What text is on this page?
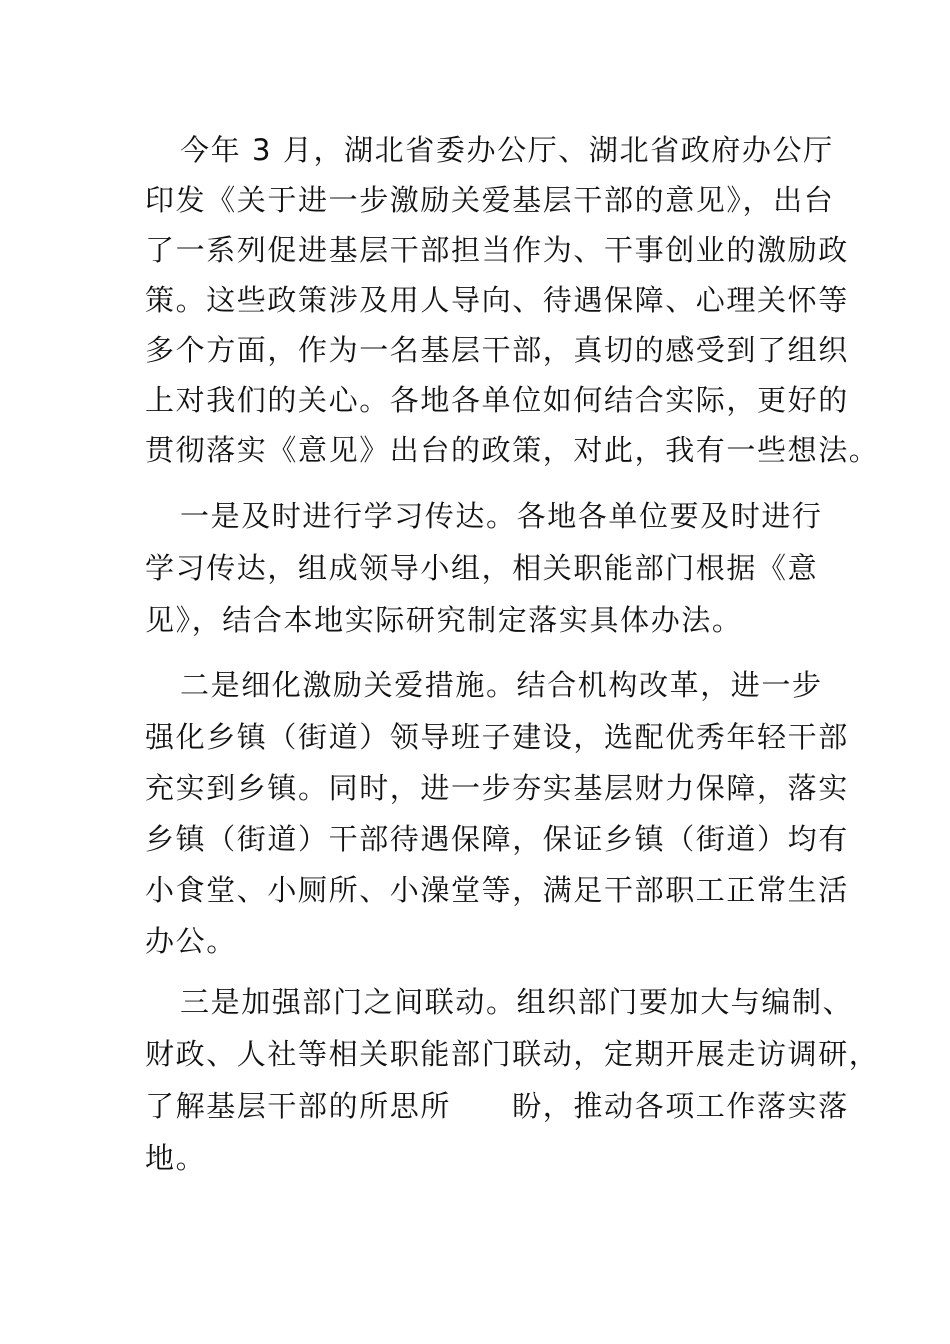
今年 3 月，湖北省委办公厅、湖北省政府办公厅
印发《关于进一步激励关爱基层干部的意见》，出台
了一系列促进基层干部担当作为、干事创业的激励政
策。这些政策涉及用人导向、待遇保障、心理关怀等
多个方面，作为一名基层干部，真切的感受到了组织
上对我们的关心。各地各单位如何结合实际，更好的
贯彻落实《意见》出台的政策，对此，我有一些想法。
一是及时进行学习传达。各地各单位要及时进行
学习传达，组成领导小组，相关职能部门根据《意
见》，结合本地实际研究制定落实具体办法。
二是细化激励关爱措施。结合机构改革，进一步
强化乡镇（街道）领导班子建设，选配优秀年轻干部
充实到乡镇。同时，进一步夯实基层财力保障，落实
乡镇（街道）干部待遇保障，保证乡镇（街道）均有
小食堂、小厕所、小澡堂等，满足干部职工正常生活
办公。
三是加强部门之间联动。组织部门要加大与编制、
财政、人社等相关职能部门联动，定期开展走访调研，
了解基层干部的所思所　　盼，推动各项工作落实落
地。
